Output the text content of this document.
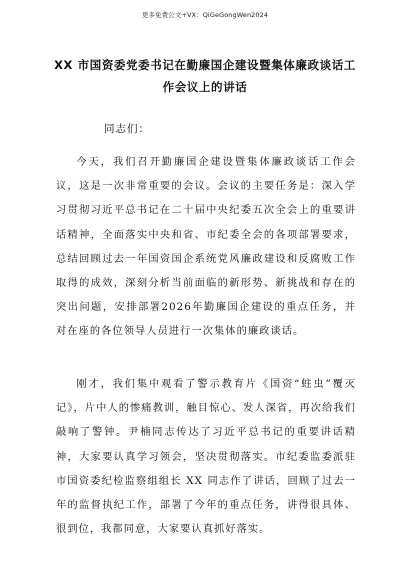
更多免费公文+VX：QiGeGongWen2024
XX 市国资委党委书记在勤廉国企建设暨集体廉政谈话工作会议上的讲话
同志们：

今天，我们召开勤廉国企建设暨集体廉政谈话工作会议，这是一次非常重要的会议。会议的主要任务是：深入学习贯彻习近平总书记在二十届中央纪委五次全会上的重要讲话精神，全面落实中央和省、市纪委全会的各项部署要求，总结回顾过去一年国资国企系统党风廉政建设和反腐败工作取得的成效，深刻分析当前面临的新形势、新挑战和存在的突出问题，安排部署2026年勤廉国企建设的重点任务，并对在座的各位领导人员进行一次集体的廉政谈话。

刚才，我们集中观看了警示教育片《国资“蛀虫”覆灭记》，片中人的惨痛教训，触目惊心、发人深省，再次给我们敲响了警钟。尹楠同志传达了习近平总书记的重要讲话精神，大家要认真学习领会，坚决贯彻落实。市纪委监委派驻市国资委纪检监察组组长 XX 同志作了讲话，回顾了过去一年的监督执纪工作，部署了今年的重点任务，讲得很具体、很到位，我都同意，大家要认真抓好落实。
